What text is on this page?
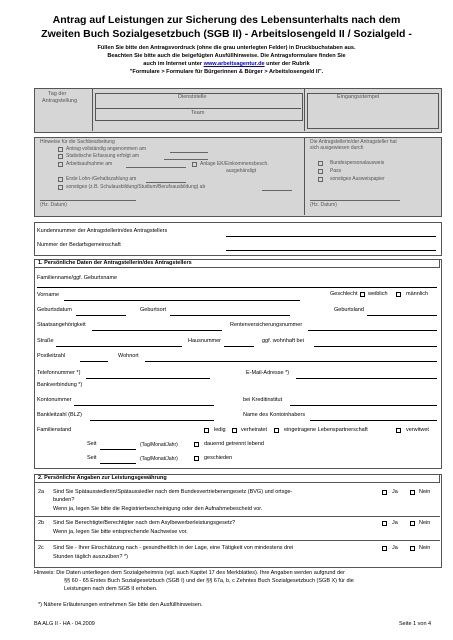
Antrag auf Leistungen zur Sicherung des Lebensunterhalts nach dem
Zweiten Buch Sozialgesetzbuch (SGB II) - Arbeitslosengeld II / Sozialgeld -
Füllen Sie bitte den Antragsvordruck (ohne die grau unterlegten Felder) in Druckbuchstaben aus.
Beachten Sie bitte auch die beigefügten Ausfüllhinweise. Die Antragsformulare finden Sie
auch im Internet unter www.arbeitsagentur.de unter der Rubrik
"Formulare > Formulare für Bürgerinnen & Bürger > Arbeitslosengeld II".
Tag der
Antragstellung
Dienststelle
Team
Eingangsstempel
Hinweise für die Sachbearbeitung
Antrag vollständig angenommen am
Statistische Erfassung erfolgt am
Arbeitsaufnahme am	Anlage EK/Einkommensbesch.
ausgehändigt
Erste Lohn-/Gehaltszahlung am
sonstiges (z.B. Schulausbildung/Studium/Berufsausbildung) ab
(Hz. Datum)
Die Antragstellerin/der Antragsteller hat
sich ausgewiesen durch
Bundespersonalausweis
Pass
sonstiges Ausweispapier
(Hz. Datum)
Kundennummer der Antragstellerin/des Antragstellers
Nummer der Bedarfsgemeinschaft
1. Persönliche Daten der Antragstellerin/des Antragstellers
Familienname/ggf. Geburtsname
Vorname	Geschlecht weiblich	männlich
Geburtsdatum	Geburtsort	Geburtsland
Staatsangehörigkeit	Rentenversicherungsnummer
Straße	Hausnummer	ggf. wohnhaft bei
Postleitzahl	Wohnort
Telefonnummer *)	E-Mail-Adresse *)
Bankverbindung *)
Kontonummer	bei Kreditinstitut
Bankleitzahl (BLZ)	Name des Kontoinhabers
Familienstand	ledig	verheiratet	eingetragene Lebenspartnerschaft	verwitwet
Seit	(Tag/Monat/Jahr)	dauernd getrennt lebend
Seit	(Tag/Monat/Jahr)	geschieden
2. Persönliche Angaben zur Leistungsgewährung
2a Sind Sie Spätaussiedlerin/Spätaussiedler nach dem Bundesvertriebenengesetz (BVG) und ortsge-
bunden?
Wenn ja, legen Sie bitte die Registrierbescheinigung oder den Aufnahmebescheid vor.
Ja	Nein
2b Sind Sie Berechtigte/Berechtigter nach dem Asylbewerberleistungsgesetz?
Wenn ja, legen Sie bitte entsprechende Nachweise vor.
Ja	Nein
2c Sind Sie - Ihrer Einschätzung nach - gesundheitlich in der Lage, eine Tätigkeit von mindestens drei
Stunden täglich auszuüben? *)
Ja	Nein
Hinweis: Die Daten unterliegen dem Sozialgeheimnis (vgl. auch Kapitel 17 des Merkblattes). Ihre Angaben werden aufgrund der
§§ 60 - 65 Erstes Buch Sozialgesetzbuch (SGB I) und der §§ 67a, b, c Zehntes Buch Sozialgesetzbuch (SGB X) für die
Leistungen nach dem SGB II erhoben.
*) Nähere Erläuterungen entnehmen Sie bitte den Ausfüllhinweisen.
BA ALG II - HA - 04.2009	Seite 1 von 4
